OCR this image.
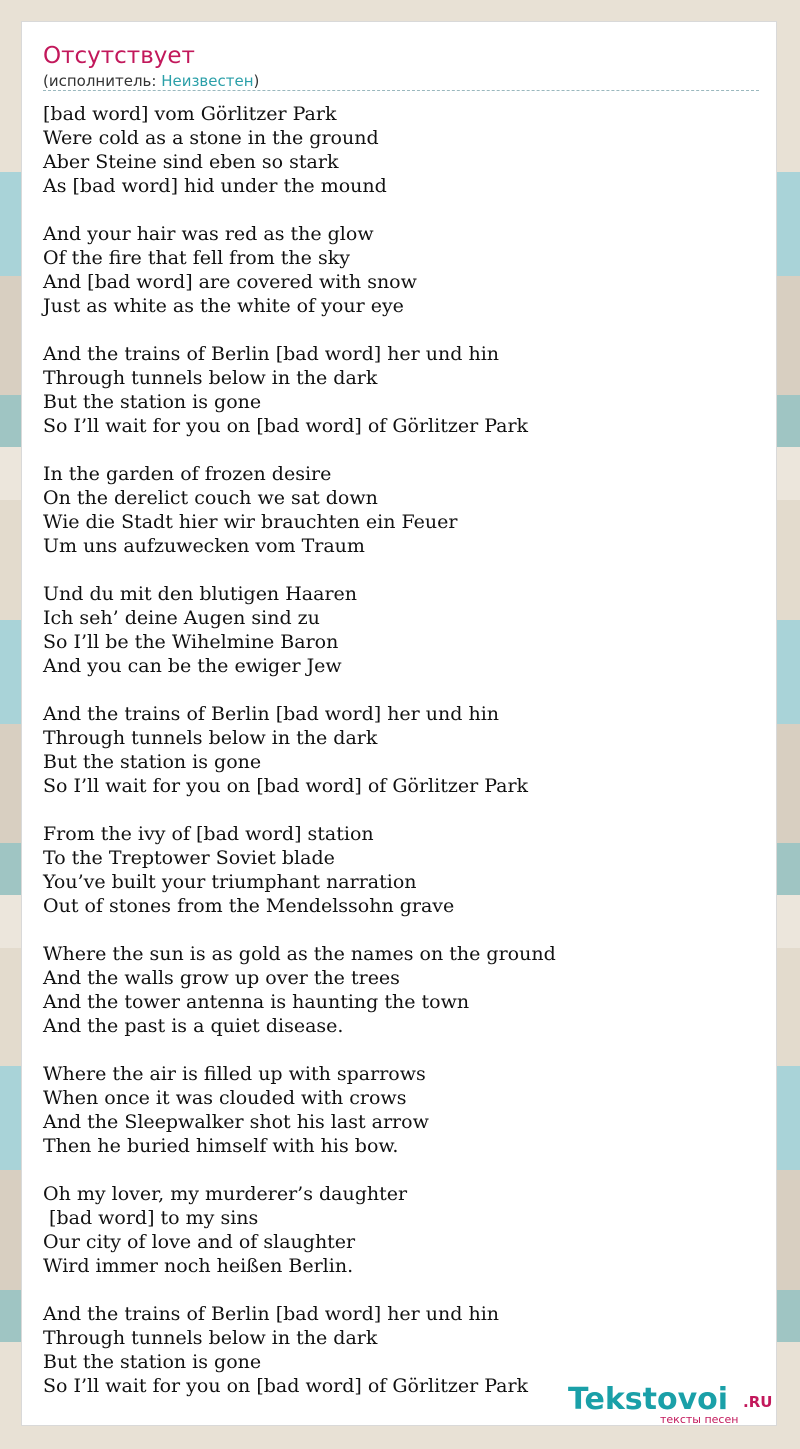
Отсутствует
(исполнитель: Неизвестен)
[bad word] vom Görlitzer Park
Were cold as a stone in the ground
Aber Steine sind eben so stark
As [bad word] hid under the mound
And your hair was red as the glow
Of the fire that fell from the sky
And [bad word] are covered with snow
Just as white as the white of your eye
And the trains of Berlin [bad word] her und hin
Through tunnels below in the dark
But the station is gone
So I’ll wait for you on [bad word] of Görlitzer Park
In the garden of frozen desire
On the derelict couch we sat down
Wie die Stadt hier wir brauchten ein Feuer
Um uns aufzuwecken vom Traum
Und du mit den blutigen Haaren
Ich seh’ deine Augen sind zu
So I’ll be the Wihelmine Baron
And you can be the ewiger Jew
And the trains of Berlin [bad word] her und hin
Through tunnels below in the dark
But the station is gone
So I’ll wait for you on [bad word] of Görlitzer Park
From the ivy of [bad word] station
To the Treptower Soviet blade
You’ve built your triumphant narration
Out of stones from the Mendelssohn grave
Where the sun is as gold as the names on the ground
And the walls grow up over the trees
And the tower antenna is haunting the town
And the past is a quiet disease.
Where the air is filled up with sparrows
When once it was clouded with crows
And the Sleepwalker shot his last arrow
Then he buried himself with his bow.
Oh my lover, my murderer’s daughter
[bad word] to my sins
Our city of love and of slaughter
Wird immer noch heißen Berlin.
And the trains of Berlin [bad word] her und hin
Through tunnels below in the dark
But the station is gone
So I’ll wait for you on [bad word] of Görlitzer Park	Tekstovoi .RU
тексты песен
